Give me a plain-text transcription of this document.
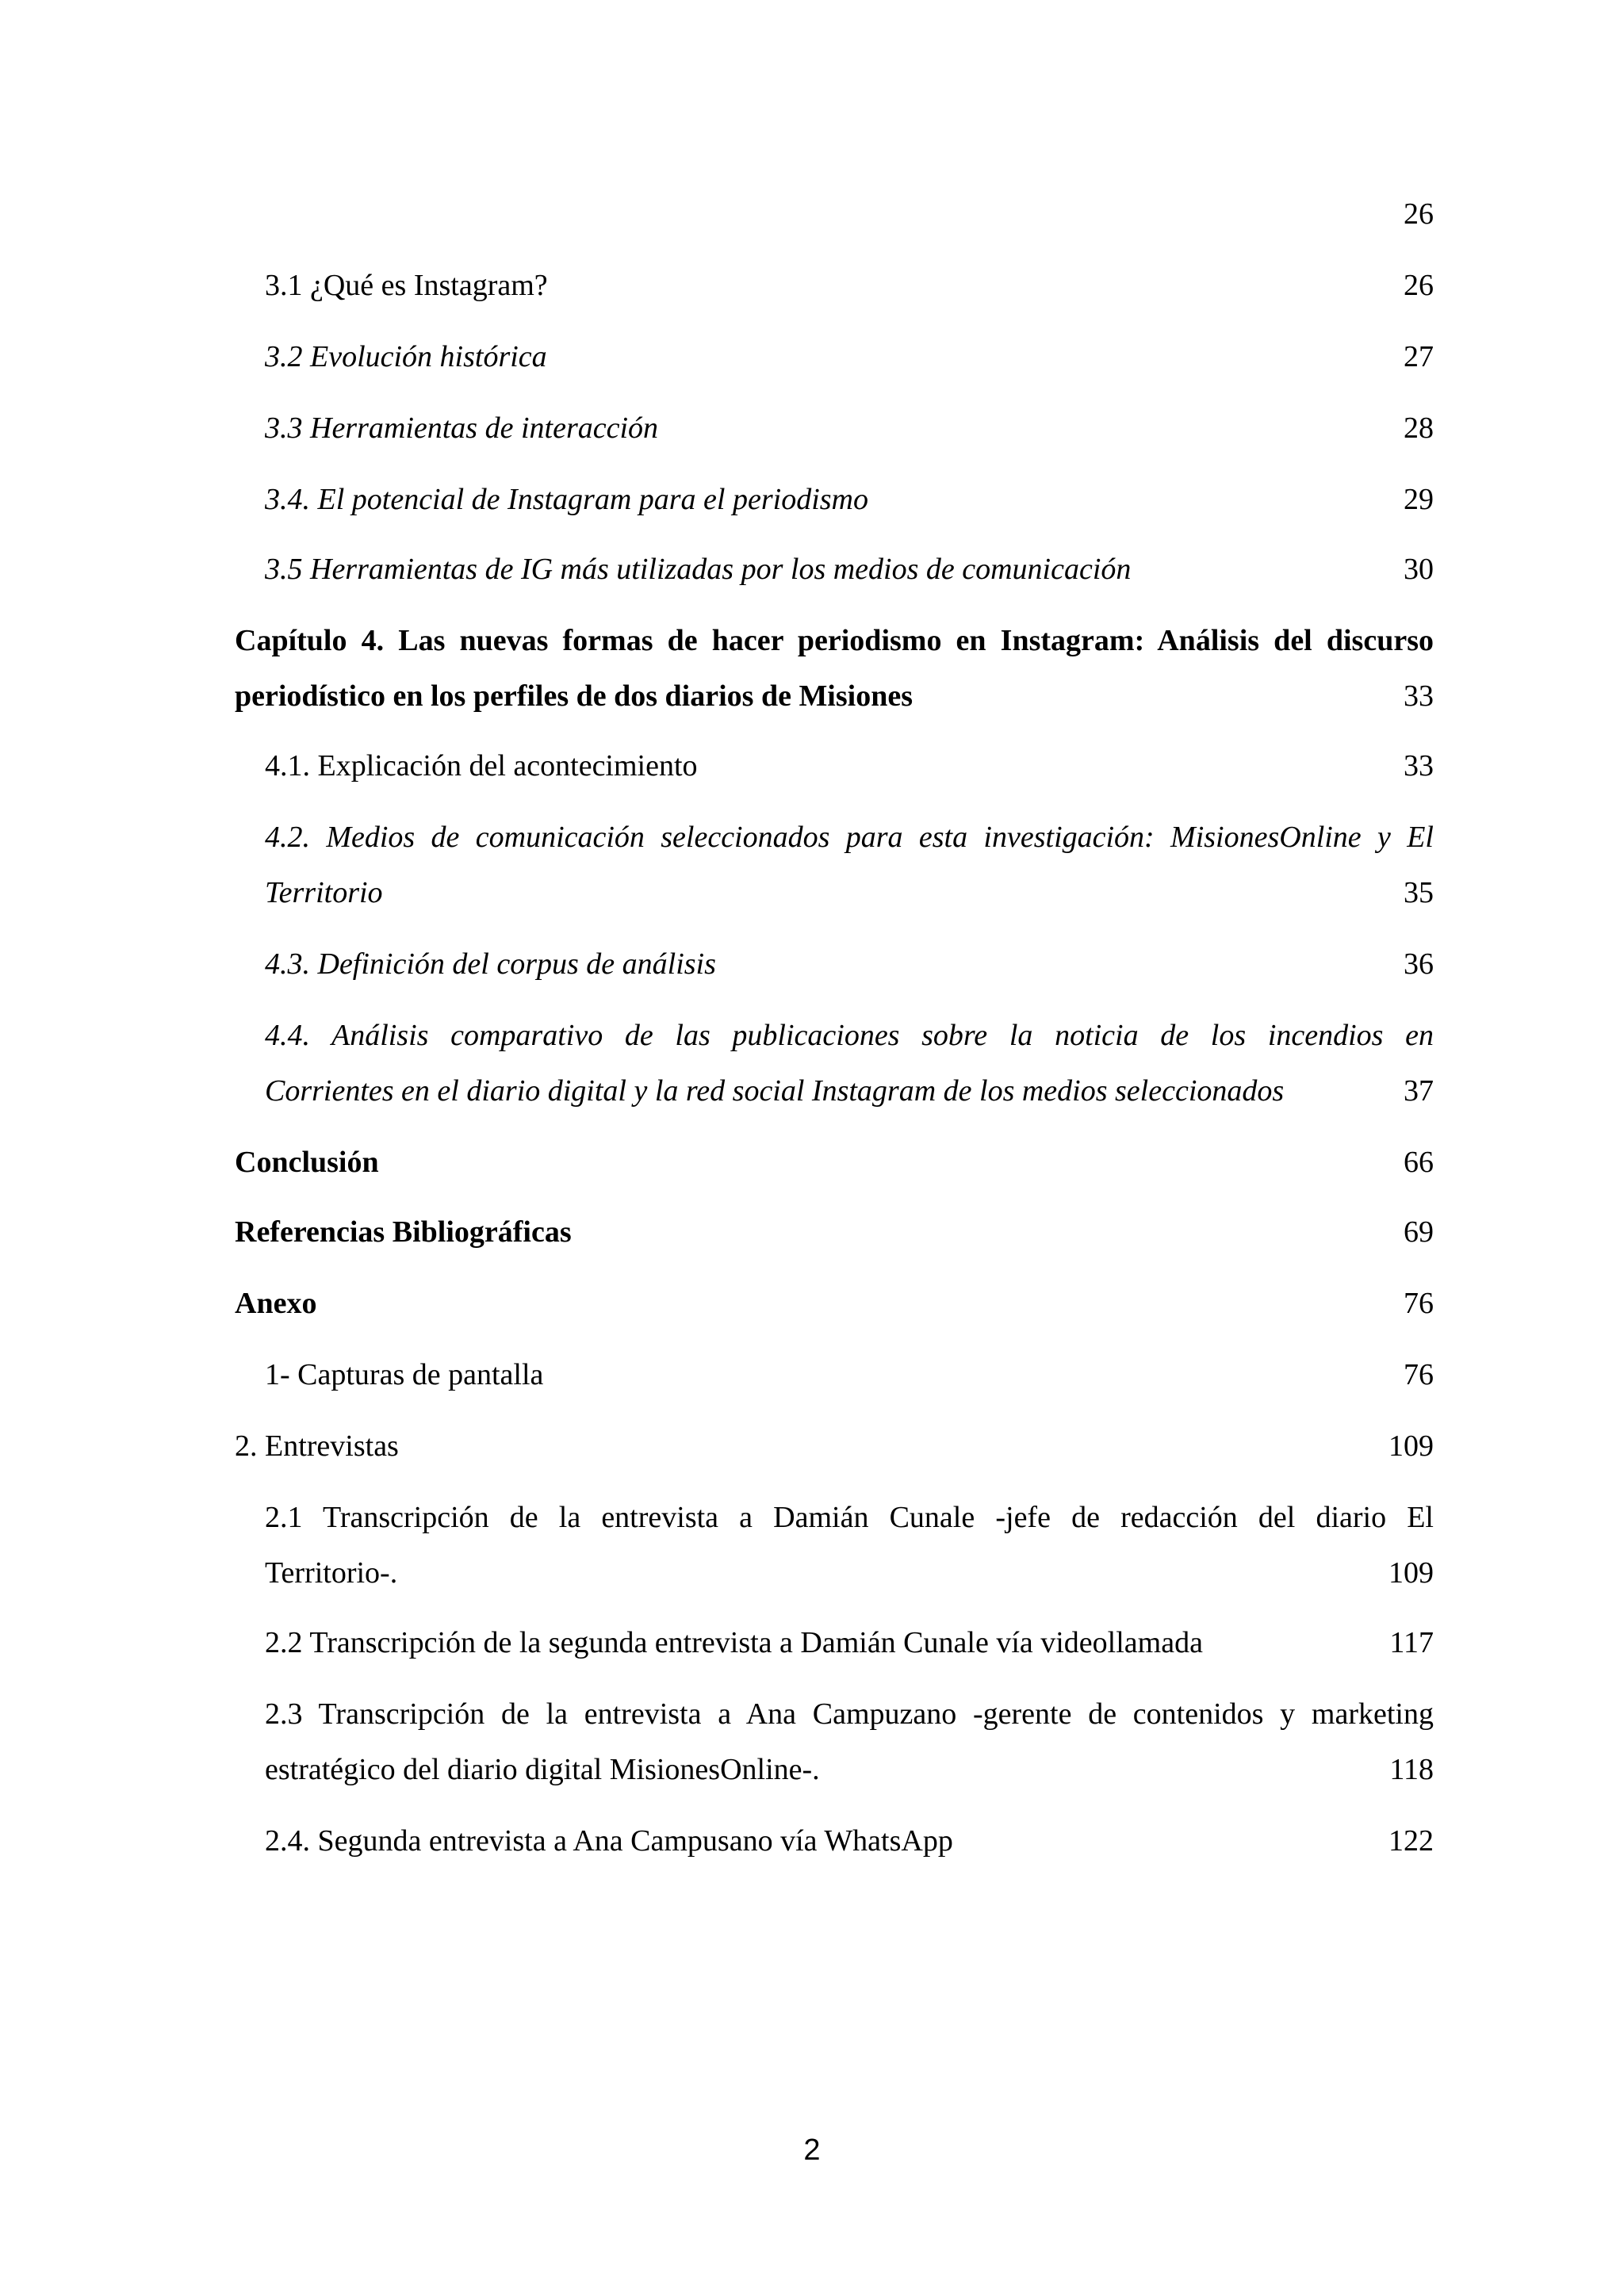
26
3.1 ¿Qué es Instagram?	26
3.2 Evolución histórica	27
3.3 Herramientas de interacción	28
3.4. El potencial de Instagram para el periodismo	29
3.5 Herramientas de IG más utilizadas por los medios de comunicación	30
Capítulo 4. Las nuevas formas de hacer periodismo en Instagram: Análisis del discurso
periodístico en los perfiles de dos diarios de Misiones	33
4.1. Explicación del acontecimiento	33
4.2. Medios de comunicación seleccionados para esta investigación: MisionesOnline y El
Territorio	35
4.3. Definición del corpus de análisis	36
4.4. Análisis comparativo de las publicaciones sobre la noticia de los incendios en
Corrientes en el diario digital y la red social Instagram de los medios seleccionados	37
Conclusión	66
Referencias Bibliográficas	69
Anexo	76
1- Capturas de pantalla	76
2. Entrevistas	109
2.1 Transcripción de la entrevista a Damián Cunale -jefe de redacción del diario El
Territorio-.	109
2.2 Transcripción de la segunda entrevista a Damián Cunale vía videollamada	117
2.3 Transcripción de la entrevista a Ana Campuzano -gerente de contenidos y marketing
estratégico del diario digital MisionesOnline-.	118
2.4. Segunda entrevista a Ana Campusano vía WhatsApp	122
2
